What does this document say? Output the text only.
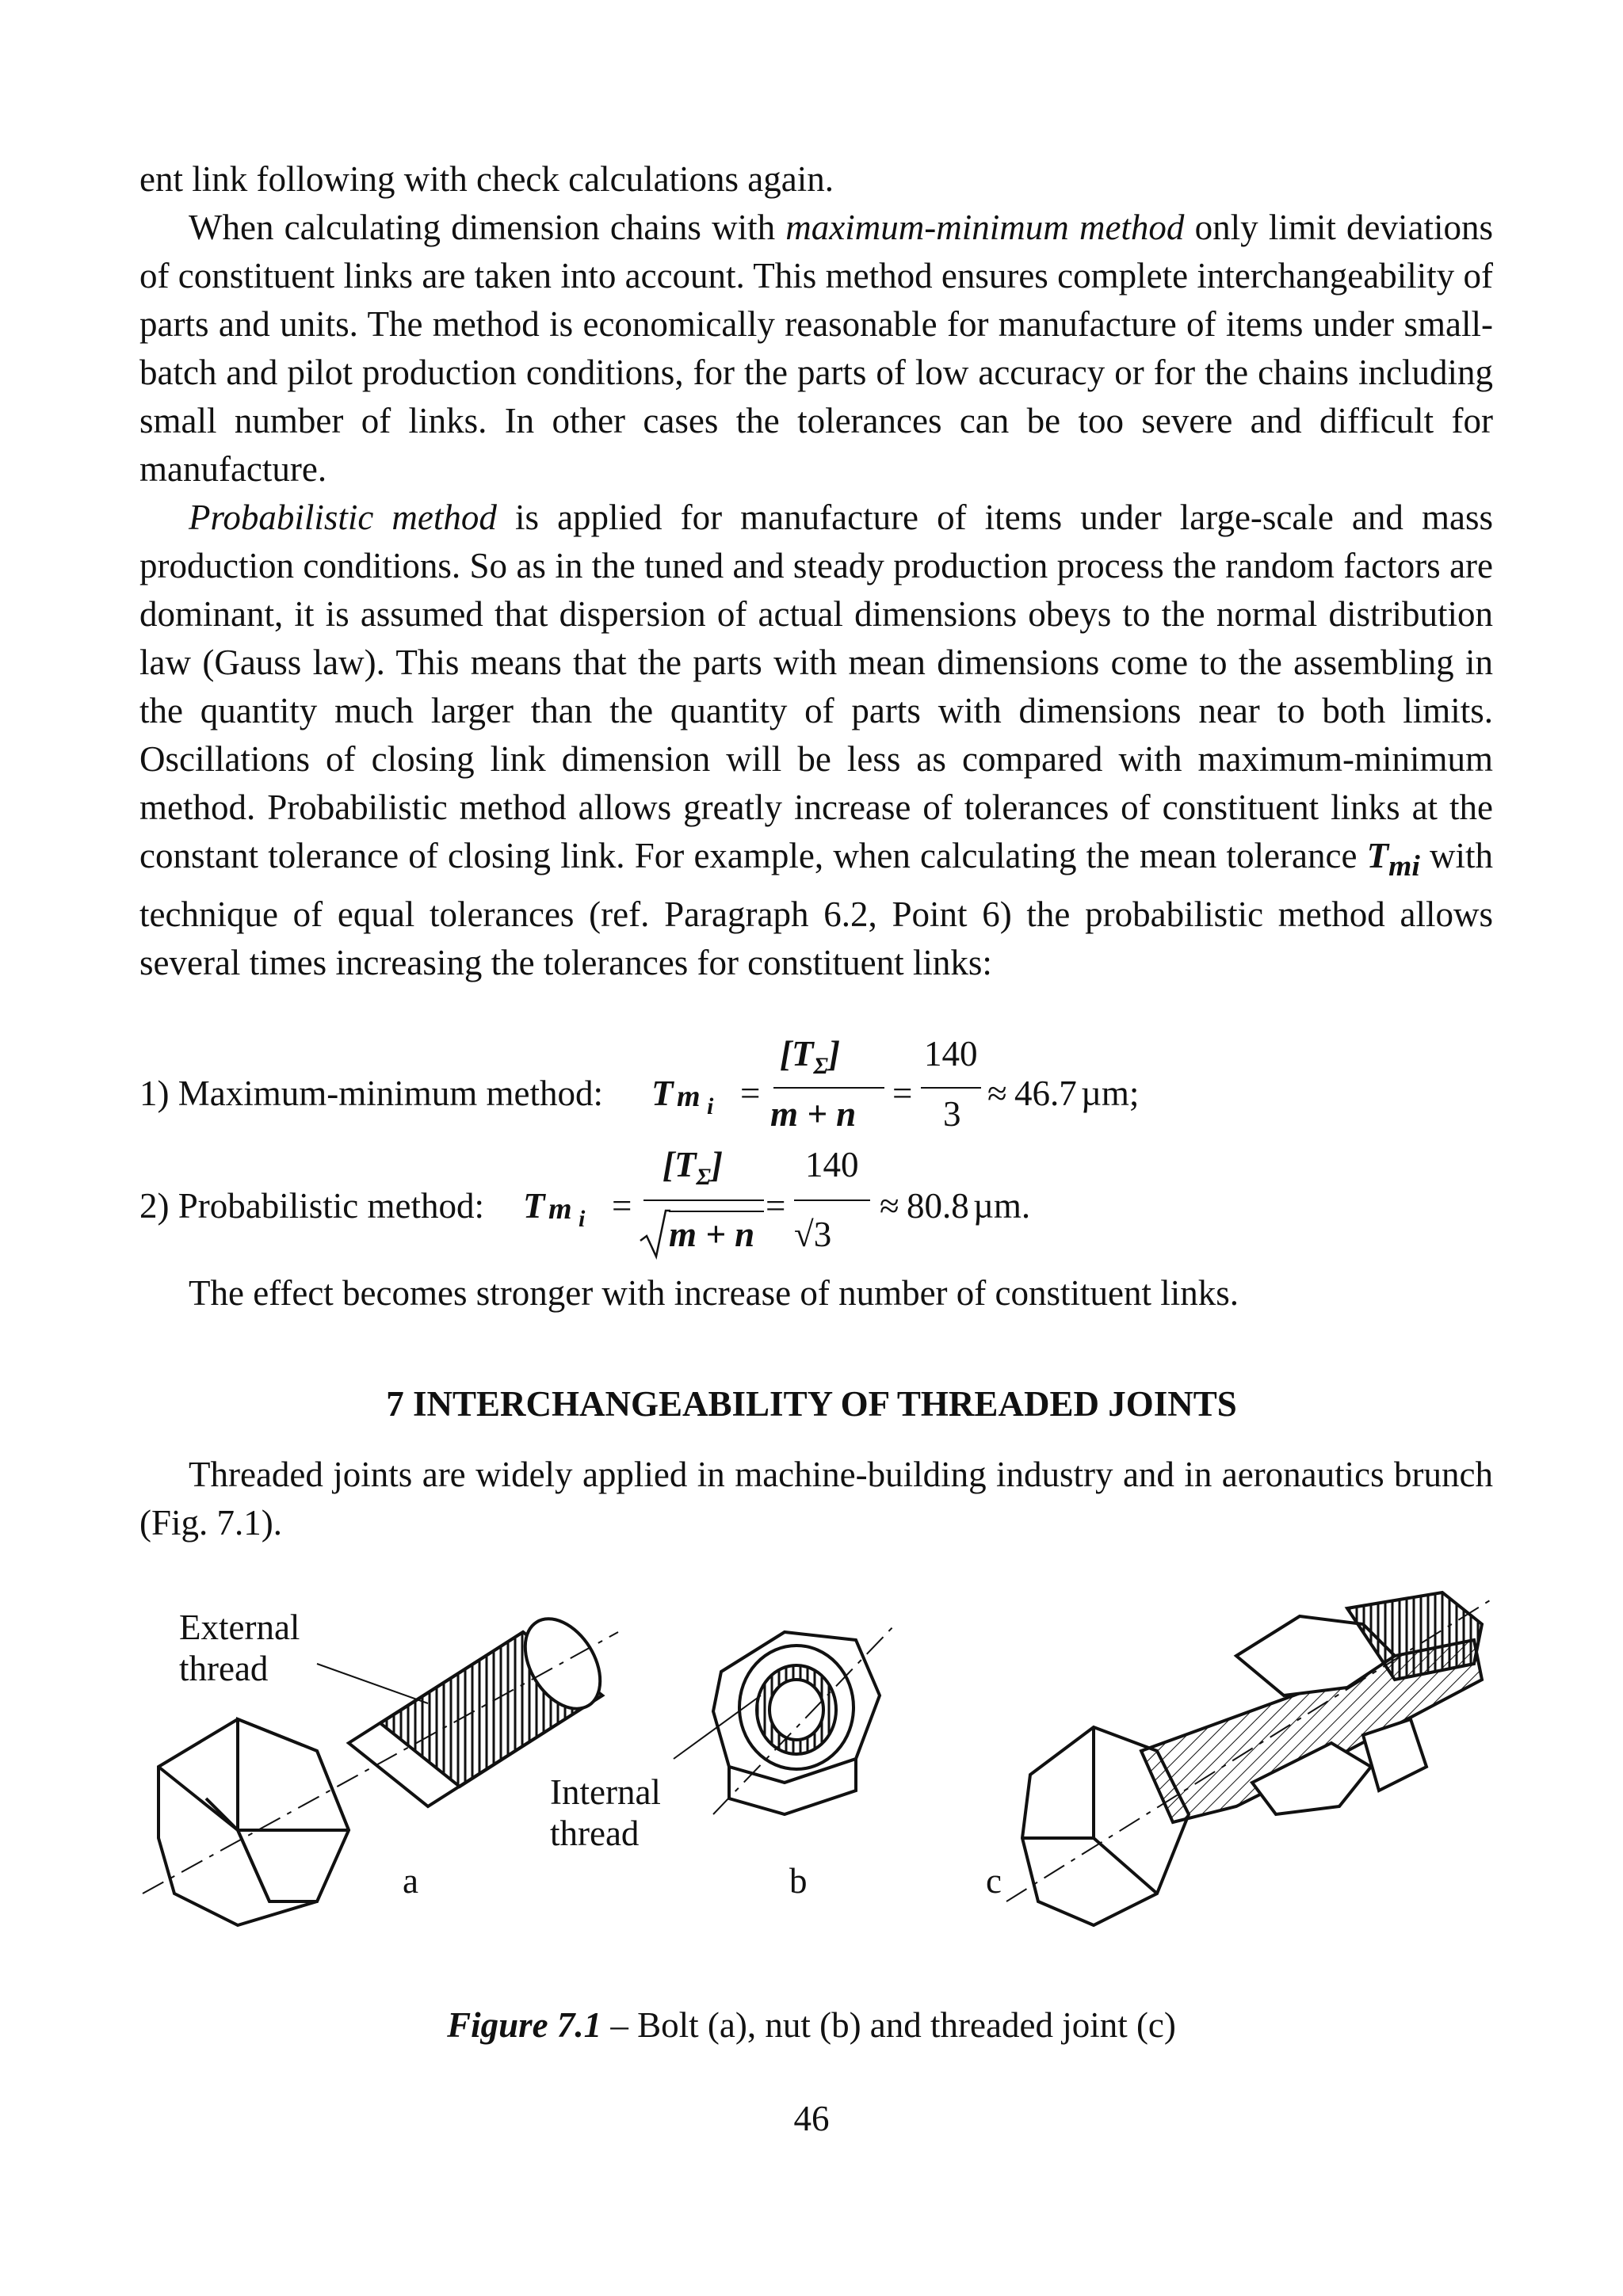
ent link following with check calculations again.

When calculating dimension chains with maximum-minimum method only limit deviations of constituent links are taken into account. This method ensures complete interchangeability of parts and units. The method is economically reasonable for manufacture of items under small-batch and pilot production conditions, for the parts of low accuracy or for the chains including small number of links. In other cases the tolerances can be too severe and difficult for manufacture.

Probabilistic method is applied for manufacture of items under large-scale and mass production conditions. So as in the tuned and steady production process the random factors are dominant, it is assumed that dispersion of actual dimensions obeys to the normal distribution law (Gauss law). This means that the parts with mean dimensions come to the assembling in the quantity much larger than the quantity of parts with dimensions near to both limits. Oscillations of closing link dimension will be less as compared with maximum-minimum method. Probabilistic method allows greatly increase of tolerances of constituent links at the constant tolerance of closing link. For example, when calculating the mean tolerance $T_{mi}$ with technique of equal tolerances (ref. Paragraph 6.2, Point 6) the probabilistic method allows several times increasing the tolerances for constituent links:

1) Maximum-minimum method: T m i =
$[T_\Sigma]$
m + n
=
140
3
≈ 46.7 µm;
2) Probabilistic method: T m i =
$[T_\Sigma]$
m + n
=
140
√3
≈ 80.8 µm.

The effect becomes stronger with increase of number of constituent links.

7 INTERCHANGEABILITY OF THREADED JOINTS

Threaded joints are widely applied in machine-building industry and in aeronautics brunch (Fig. 7.1).

External
thread
Internal
thread
a	b	c

Figure 7.1 – Bolt (a), nut (b) and threaded joint (c)

46
